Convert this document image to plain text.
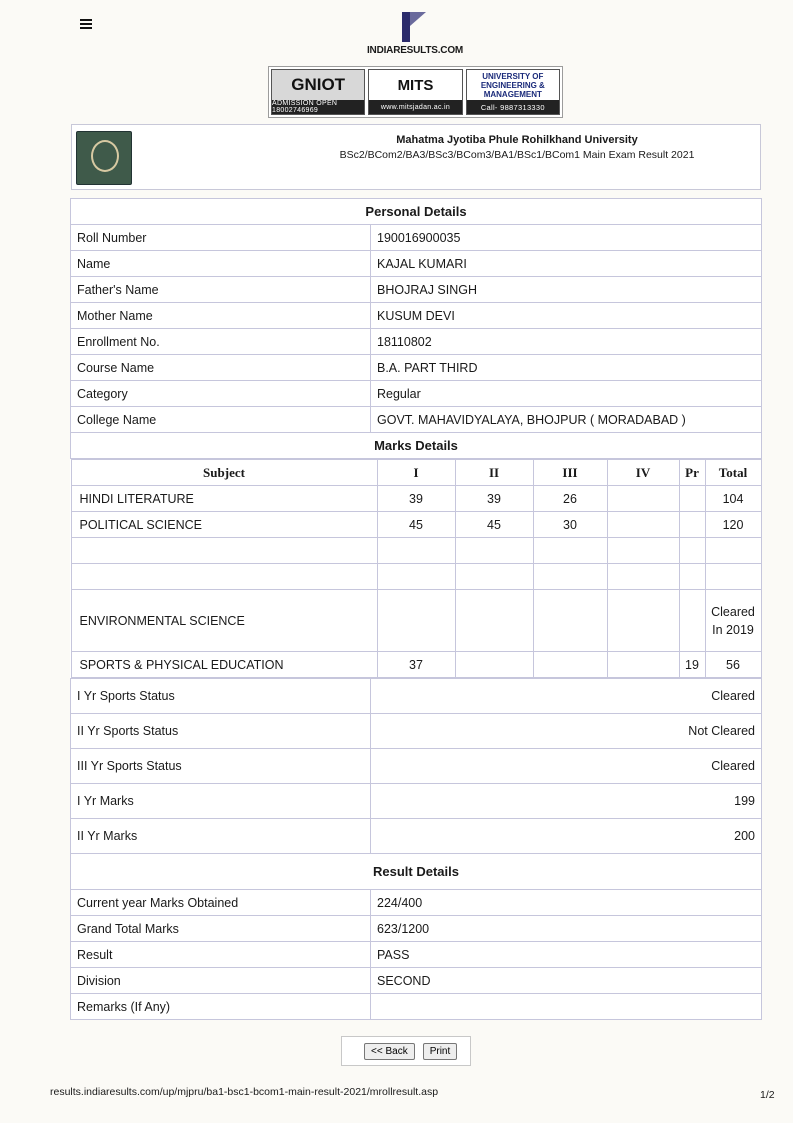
INDIARESULTS.COM
GNIOT
ADMISSION OPEN 18002746969
MITS
www.mitsjadan.ac.in
UNIVERSITY OF ENGINEERING & MANAGEMENT
Call- 9887313330
Mahatma Jyotiba Phule Rohilkhand University
BSc2/BCom2/BA3/BSc3/BCom3/BA1/BSc1/BCom1 Main Exam Result 2021
Personal Details
Roll Number	190016900035
Name	KAJAL KUMARI
Father's Name	BHOJRAJ SINGH
Mother Name	KUSUM DEVI
Enrollment No.	18110802
Course Name	B.A. PART THIRD
Category	Regular
College Name	GOVT. MAHAVIDYALAYA, BHOJPUR ( MORADABAD )
Marks Details

Subject	I	II	III	IV	Pr	Total
HINDI LITERATURE	39	39	26			104
POLITICAL SCIENCE	45	45	30			120

ENVIRONMENTAL SCIENCE						Cleared In 2019
SPORTS & PHYSICAL EDUCATION	37				19	56

I Yr Sports Status	Cleared
II Yr Sports Status	Not Cleared
III Yr Sports Status	Cleared
I Yr Marks	199
II Yr Marks	200
Result Details
Current year Marks Obtained	224/400
Grand Total Marks	623/1200
Result	PASS
Division	SECOND
Remarks (If Any)	
<< Back	Print
results.indiaresults.com/up/mjpru/ba1-bsc1-bcom1-main-result-2021/mrollresult.asp	1/2
